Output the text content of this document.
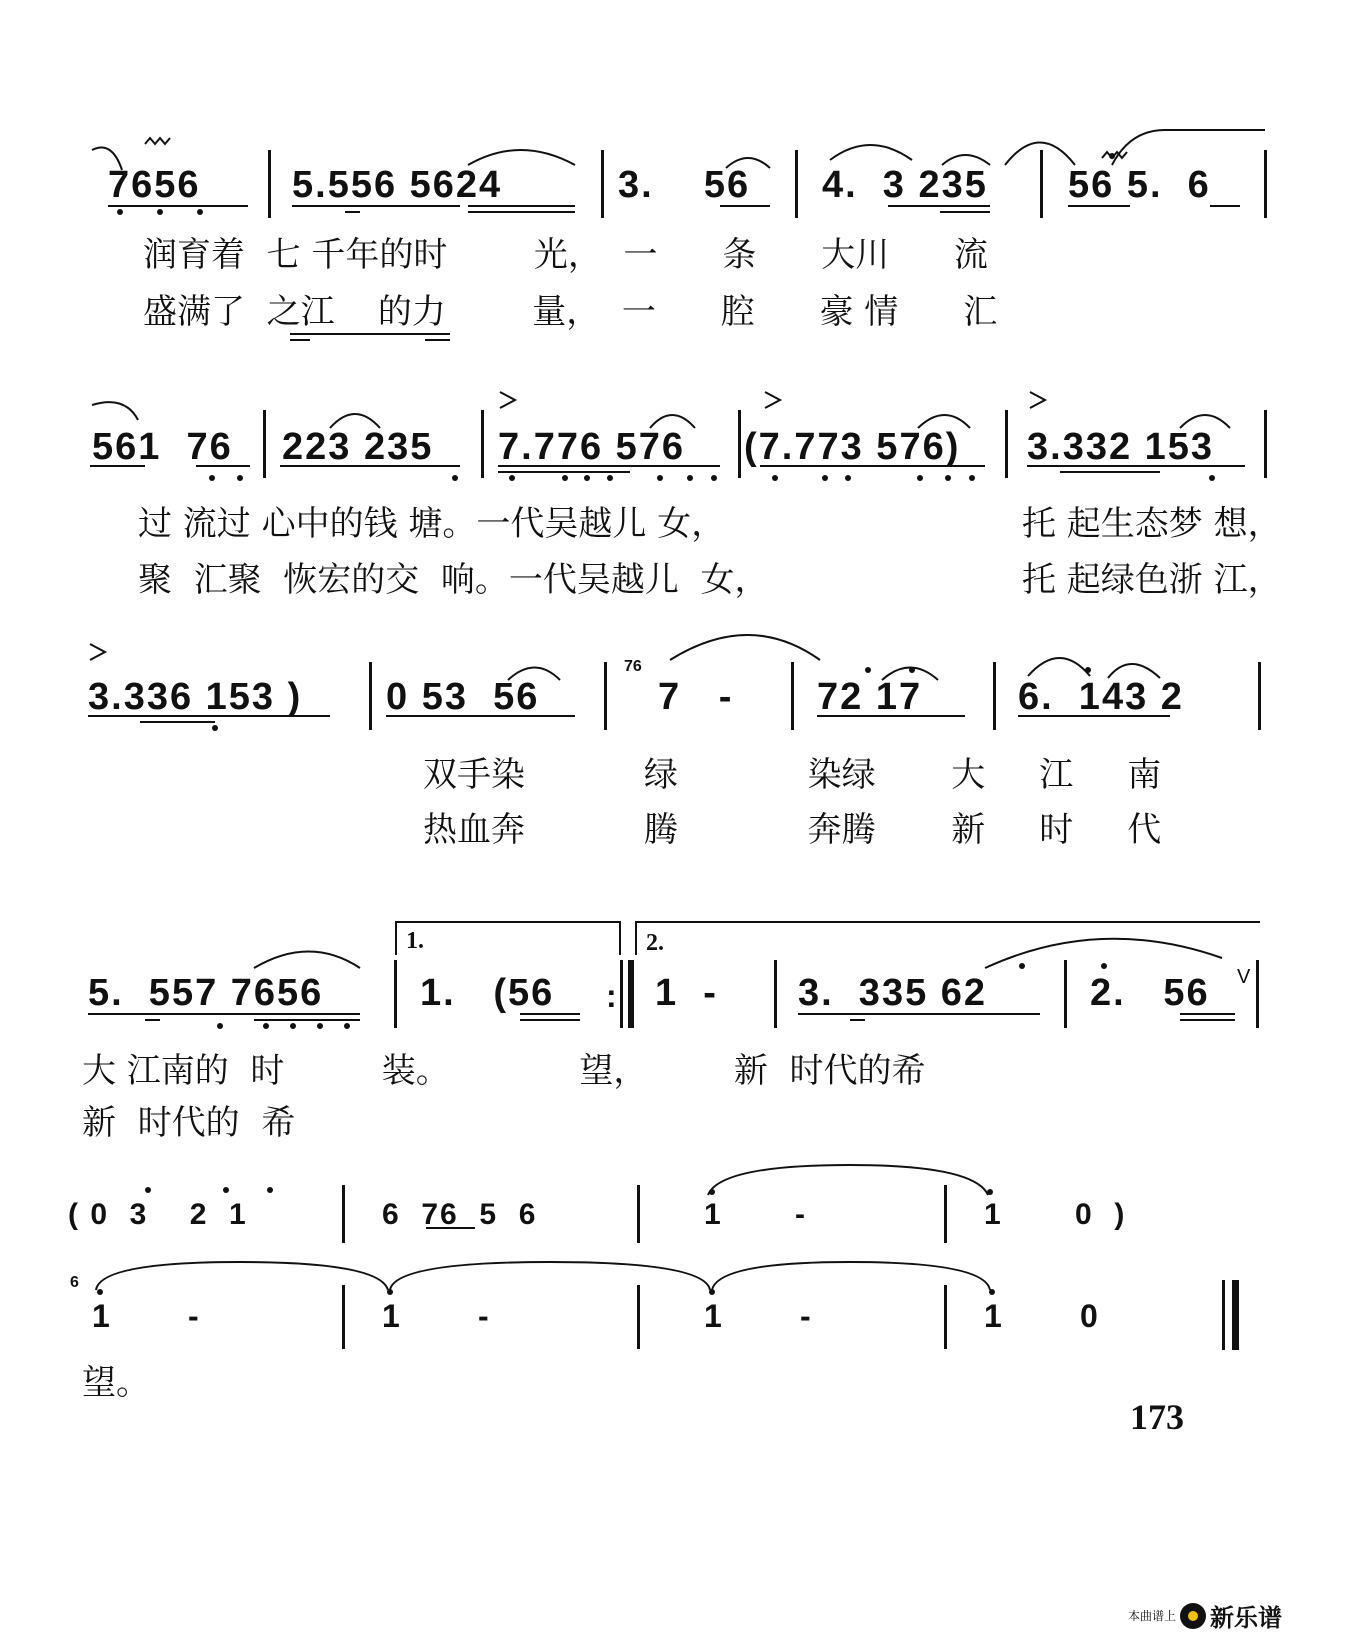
7656 5.556 5624	3.    56 4.  3 235 56 5.  6
润育着  七 千年的时        光，  一      条      大川      流
盛满了  之江    的力        量，  一      腔      豪 情      汇
561  76 223 235 7.776 576 (7.773 576) 3.332 153
过 流过 心中的钱 塘。一代吴越儿 女，
聚  汇聚  恢宏的交  响。一代吴越儿  女，
托 起生态梦 想，
托 起绿色浙 江，
3.336 153 ) 0 53  56
76
7   - 72 17	6.  143 2
双手染           绿            染绿       大     江     南
热血奔           腾            奔腾       新     时     代
5.  557 7656
1.
1.   (56 :
2.
1  - 3.  335 62	2.   56 V
大 江南的  时         装。            望，        新  时代的希
新  时代的  希
( 0  3    2  1	6  76  5  6	1       -	1       0  )
6
1       -	1       -	1       -	1       0
望。
173
本曲谱上 新乐谱
